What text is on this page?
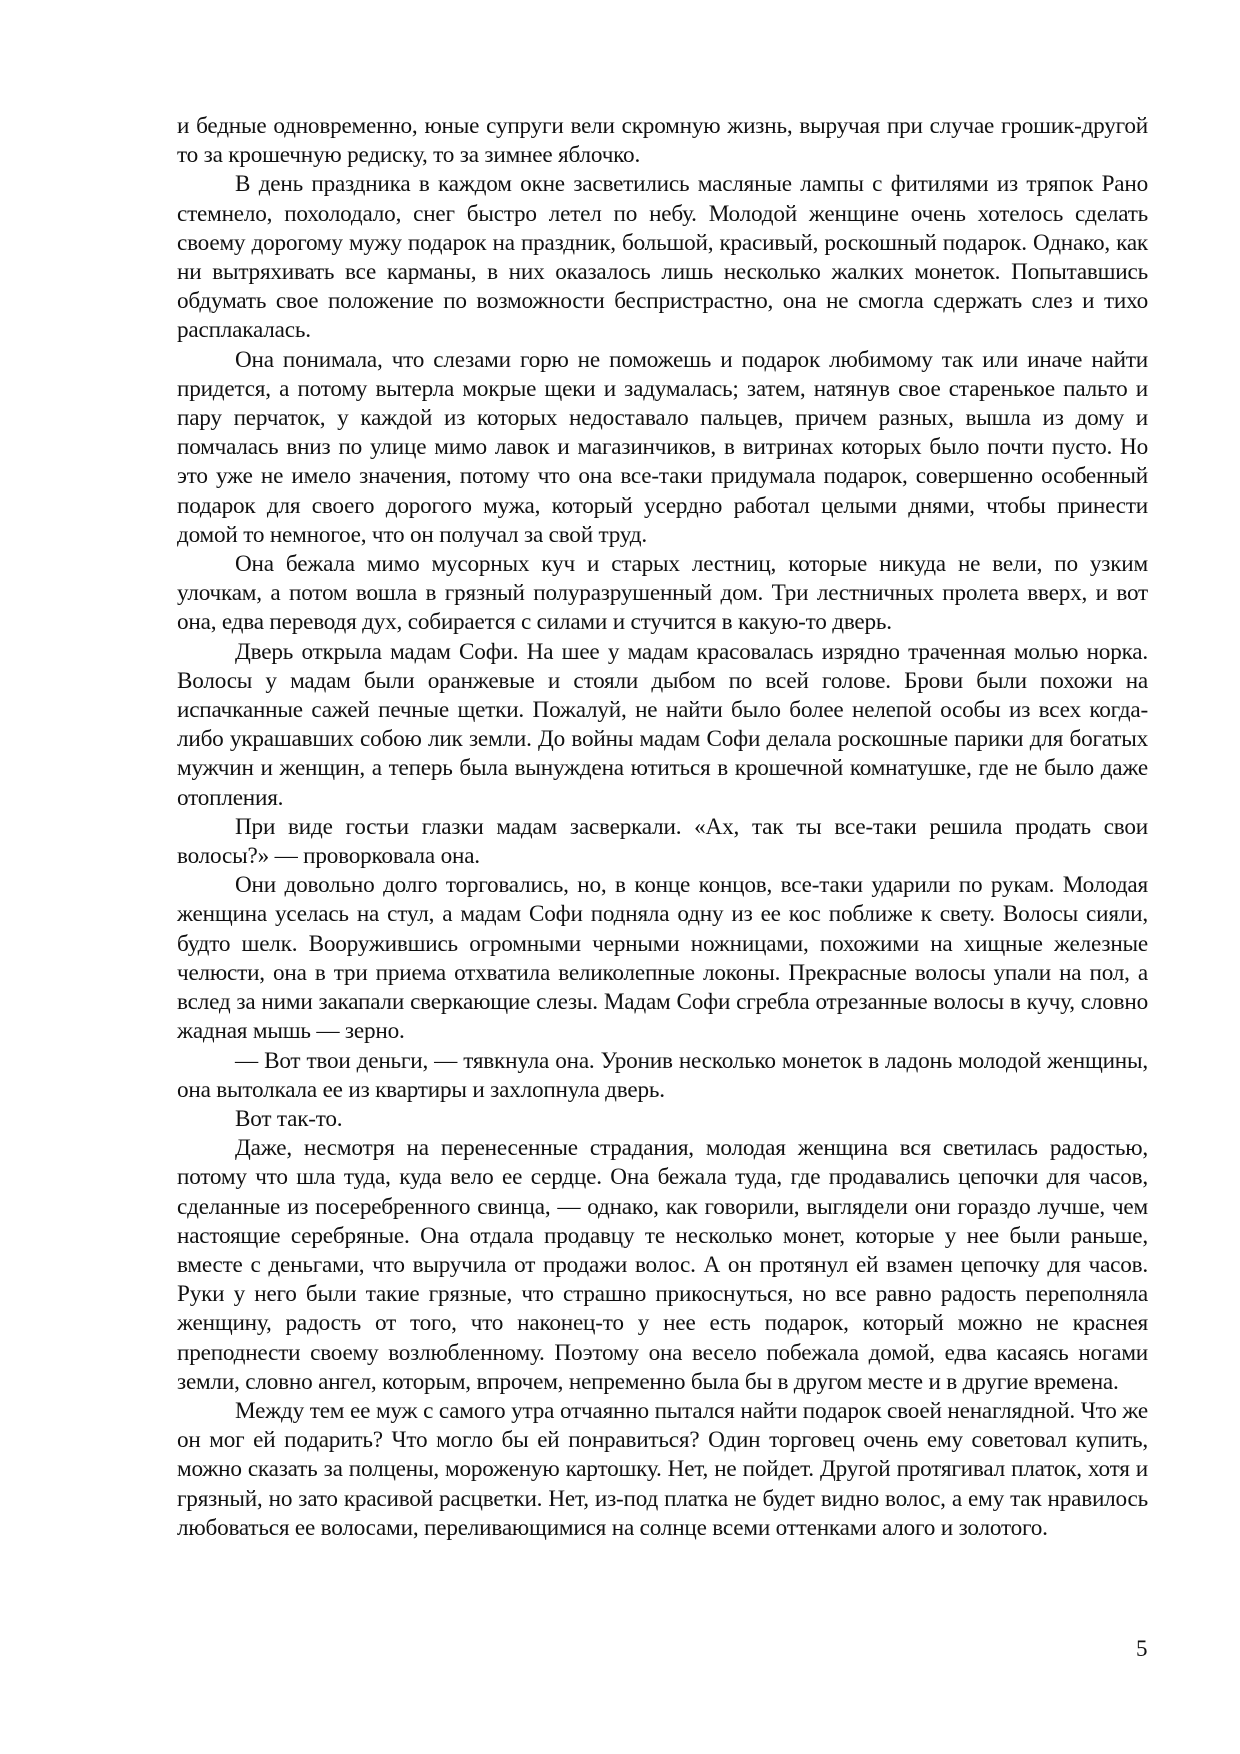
и бедные одновременно, юные супруги вели скромную жизнь, выручая при случае грошик-другой то за крошечную редиску, то за зимнее яблочко.

В день праздника в каждом окне засветились масляные лампы с фитилями из тряпок Рано стемнело, похолодало, снег быстро летел по небу. Молодой женщине очень хотелось сделать своему дорогому мужу подарок на праздник, большой, красивый, роскошный подарок. Однако, как ни вытряхивать все карманы, в них оказалось лишь несколько жалких монеток. Попытавшись обдумать свое положение по возможности беспристрастно, она не смогла сдержать слез и тихо расплакалась.

Она понимала, что слезами горю не поможешь и подарок любимому так или иначе найти придется, а потому вытерла мокрые щеки и задумалась; затем, натянув свое старенькое пальто и пару перчаток, у каждой из которых недоставало пальцев, причем разных, вышла из дому и помчалась вниз по улице мимо лавок и магазинчиков, в витринах которых было почти пусто. Но это уже не имело значения, потому что она все-таки придумала подарок, совершенно особенный подарок для своего дорогого мужа, который усердно работал целыми днями, чтобы принести домой то немногое, что он получал за свой труд.

Она бежала мимо мусорных куч и старых лестниц, которые никуда не вели, по узким улочкам, а потом вошла в грязный полуразрушенный дом. Три лестничных пролета вверх, и вот она, едва переводя дух, собирается с силами и стучится в какую-то дверь.

Дверь открыла мадам Софи. На шее у мадам красовалась изрядно траченная молью норка. Волосы у мадам были оранжевые и стояли дыбом по всей голове. Брови были похожи на испачканные сажей печные щетки. Пожалуй, не найти было более нелепой особы из всех когда-либо украшавших собою лик земли. До войны мадам Софи делала роскошные парики для богатых мужчин и женщин, а теперь была вынуждена ютиться в крошечной комнатушке, где не было даже отопления.

При виде гостьи глазки мадам засверкали. «Ах, так ты все-таки решила продать свои волосы?» — проворковала она.

Они довольно долго торговались, но, в конце концов, все-таки ударили по рукам. Молодая женщина уселась на стул, а мадам Софи подняла одну из ее кос поближе к свету. Волосы сияли, будто шелк. Вооружившись огромными черными ножницами, похожими на хищные железные челюсти, она в три приема отхватила великолепные локоны. Прекрасные волосы упали на пол, а вслед за ними закапали сверкающие слезы. Мадам Софи сгребла отрезанные волосы в кучу, словно жадная мышь — зерно.

— Вот твои деньги, — тявкнула она. Уронив несколько монеток в ладонь молодой женщины, она вытолкала ее из квартиры и захлопнула дверь.

Вот так-то.

Даже, несмотря на перенесенные страдания, молодая женщина вся светилась радостью, потому что шла туда, куда вело ее сердце. Она бежала туда, где продавались цепочки для часов, сделанные из посеребренного свинца, — однако, как говорили, выглядели они гораздо лучше, чем настоящие серебряные. Она отдала продавцу те несколько монет, которые у нее были раньше, вместе с деньгами, что выручила от продажи волос. А он протянул ей взамен цепочку для часов. Руки у него были такие грязные, что страшно прикоснуться, но все равно радость переполняла женщину, радость от того, что наконец-то у нее есть подарок, который можно не краснея преподнести своему возлюбленному. Поэтому она весело побежала домой, едва касаясь ногами земли, словно ангел, которым, впрочем, непременно была бы в другом месте и в другие времена.

Между тем ее муж с самого утра отчаянно пытался найти подарок своей ненаглядной. Что же он мог ей подарить? Что могло бы ей понравиться? Один торговец очень ему советовал купить, можно сказать за полцены, мороженую картошку. Нет, не пойдет. Другой протягивал платок, хотя и грязный, но зато красивой расцветки. Нет, из-под платка не будет видно волос, а ему так нравилось любоваться ее волосами, переливающимися на солнце всеми оттенками алого и золотого.

5
